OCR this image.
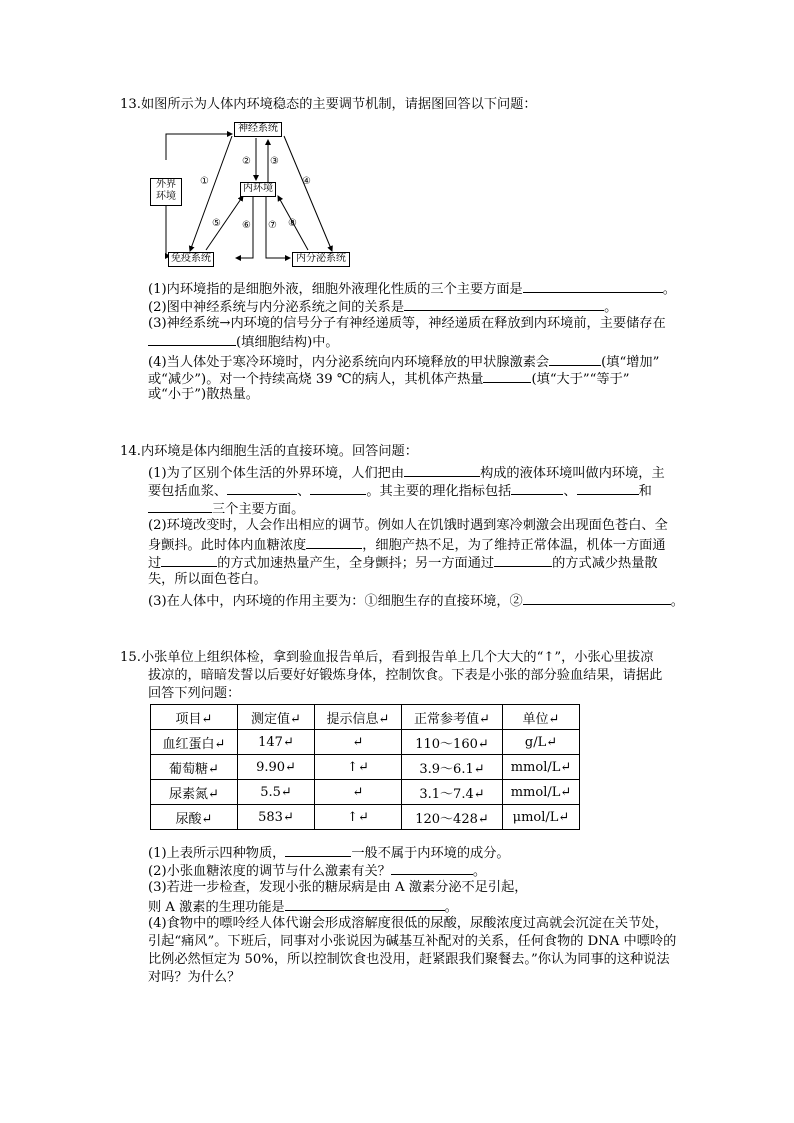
13.如图所示为人体内环境稳态的主要调节机制，请据图回答以下问题：
神经系统
内环境
外界
环境
免疫系统	内分泌系统
①
② ③
④
⑤ ⑥ ⑦ ⑧
(1)内环境指的是细胞外液，细胞外液理化性质的三个主要方面是	。
(2)图中神经系统与内分泌系统之间的关系是	。
(3)神经系统→内环境的信号分子有神经递质等，神经递质在释放到内环境前，主要储存在
(填细胞结构)中。
(4)当人体处于寒冷环境时，内分泌系统向内环境释放的甲状腺激素会	(填“增加”
或“减少”)。对一个持续高烧 39 ℃的病人，其机体产热量	(填“大于”“等于”
或“小于”)散热量。
14.内环境是体内细胞生活的直接环境。回答问题：
(1)为了区别个体生活的外界环境，人们把由	构成的液体环境叫做内环境，主
要包括血浆、	、	。其主要的理化指标包括	、	和
三个主要方面。
(2)环境改变时，人会作出相应的调节。例如人在饥饿时遇到寒冷刺激会出现面色苍白、全
身颤抖。此时体内血糖浓度	，细胞产热不足，为了维持正常体温，机体一方面通
过	的方式加速热量产生，全身颤抖；另一方面通过	的方式减少热量散
失，所以面色苍白。
(3)在人体中，内环境的作用主要为：①细胞生存的直接环境，②	。
15.小张单位上组织体检，拿到验血报告单后，看到报告单上几个大大的“↑”，小张心里拔凉
拔凉的，暗暗发誓以后要好好锻炼身体，控制饮食。下表是小张的部分验血结果，请据此
回答下列问题：
项目↵	测定值↵	提示信息↵	正常参考值↵	单位↵
血红蛋白↵	147↵	↵	110～160↵	g/L↵
葡萄糖↵	9.90↵	↑↵	3.9～6.1↵	mmol/L↵
尿素氮↵	5.5↵	↵	3.1～7.4↵	mmol/L↵
尿酸↵	583↵	↑↵	120～428↵	μmol/L↵
(1)上表所示四种物质，	一般不属于内环境的成分。
(2)小张血糖浓度的调节与什么激素有关？	。
(3)若进一步检查，发现小张的糖尿病是由 A 激素分泌不足引起，
则 A 激素的生理功能是	。
(4)食物中的嘌呤经人体代谢会形成溶解度很低的尿酸，尿酸浓度过高就会沉淀在关节处，
引起“痛风”。下班后，同事对小张说因为碱基互补配对的关系，任何食物的 DNA 中嘌呤的
比例必然恒定为 50%，所以控制饮食也没用，赶紧跟我们聚餐去。”你认为同事的这种说法
对吗？为什么？
